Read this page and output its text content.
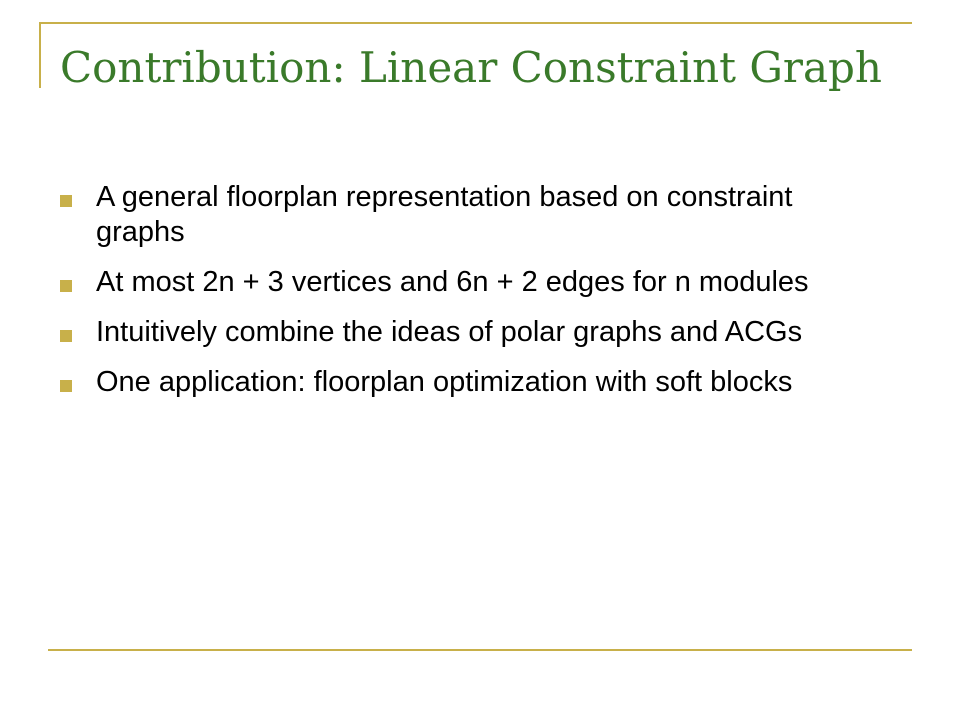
Contribution: Linear Constraint Graph
A general floorplan representation based on constraint graphs
At most 2n + 3 vertices and 6n + 2 edges for n modules
Intuitively combine the ideas of polar graphs and ACGs
One application: floorplan optimization with soft blocks
